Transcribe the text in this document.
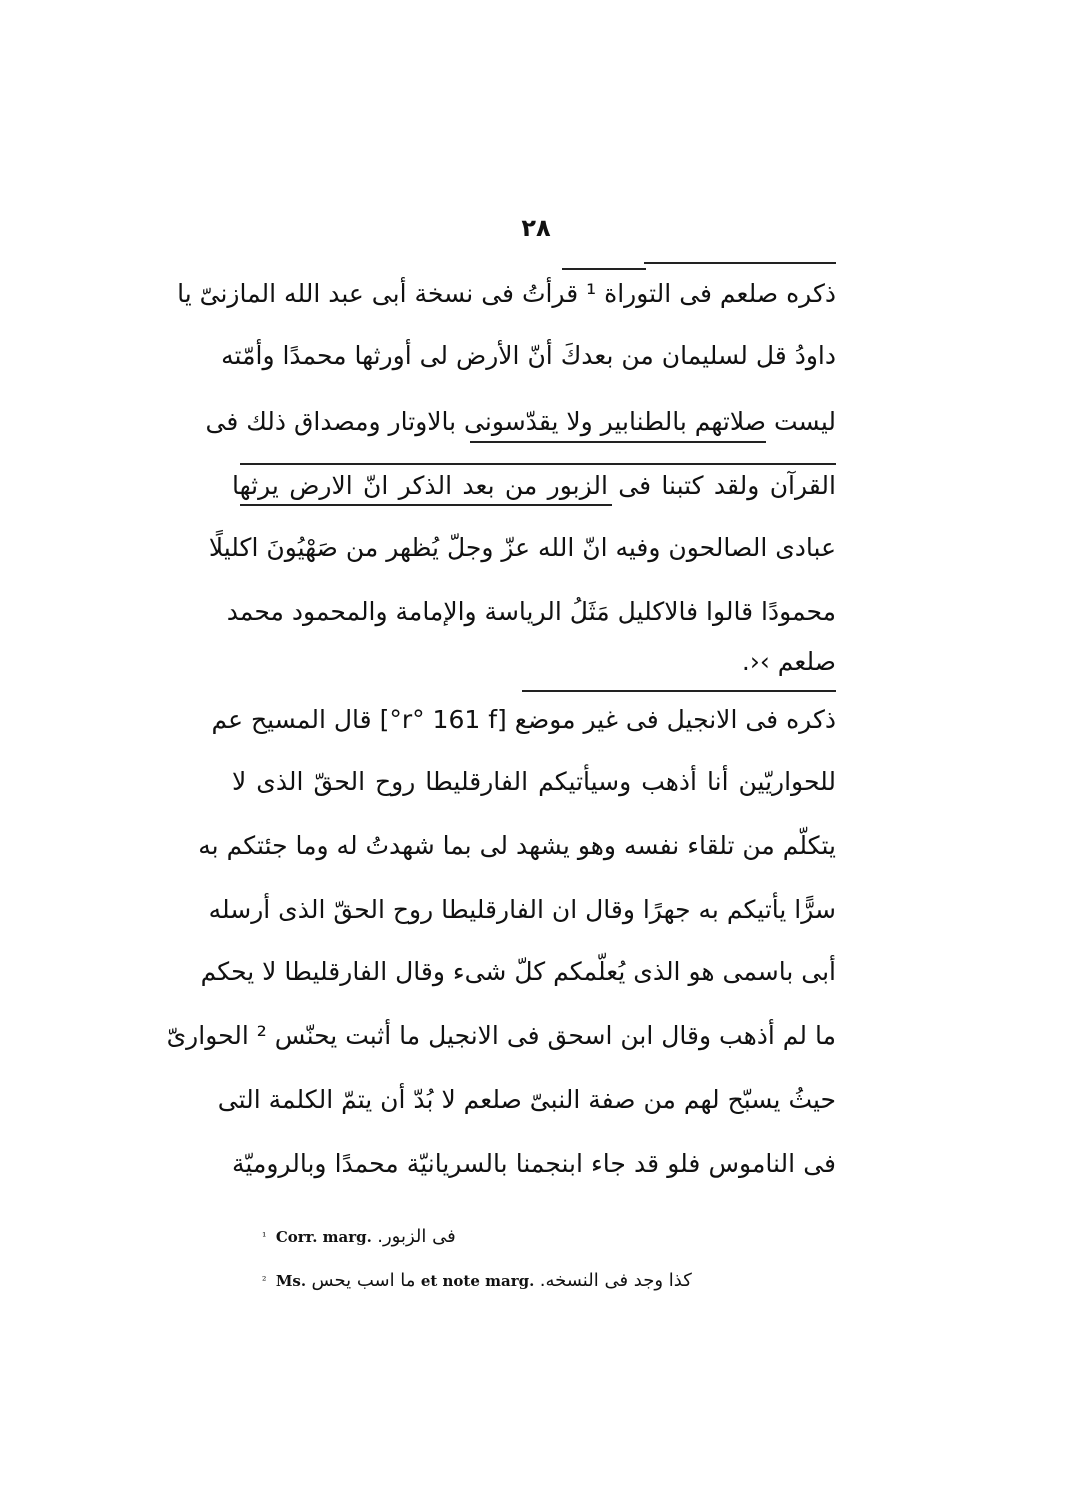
٢٨
ذكره صلعم فى التوراة ¹ قرأتُ فى نسخة أبى عبد الله المازنىّ يا
داودُ قل لسليمان من بعدكَ أنّ الأرض لى أورثها محمدًا وأمّته
ليست صلاتهم بالطنابير ولا يقدّسونى بالاوتار ومصداق ذلك فى
القرآن ولقد كتبنا فى الزبور من بعد الذكر انّ الارض يرثها
عبادى الصالحون وفيه انّ الله عزّ وجلّ يُظهر من صَهْيُونَ اكليلًا
محمودًا قالوا فالاكليل مَثَلُ الرياسة والإمامة والمحمود محمد
صلعم ›‹.
ذكره فى الانجيل فى غير موضع [r° 161 f°] قال المسيح عم
للحواريّين أنا أذهب وسيأتيكم الفارقليطا روح الحقّ الذى لا
يتكلّم من تلقاء نفسه وهو يشهد لى بما شهدتُ له وما جئتكم به
سرًّا يأتيكم به جهرًا وقال ان الفارقليطا روح الحقّ الذى أرسله
أبى باسمى هو الذى يُعلّمكم كلّ شىء وقال الفارقليطا لا يحكم
ما لم أذهب وقال ابن اسحق فى الانجيل ما أثبت يحنّس ² الحوارىّ
حيثُ يسبّح لهم من صفة النبىّ صلعم لا بُدّ أن يتمّ الكلمة التى
فى الناموس فلو قد جاء ابنجمنا بالسريانيّة محمدًا وبالروميّة
$^{^1}$ Corr. marg. فى الزبور.
$^{^2}$ Ms. ما اسب يحس et note marg. كذا وجد فى النسخه.
